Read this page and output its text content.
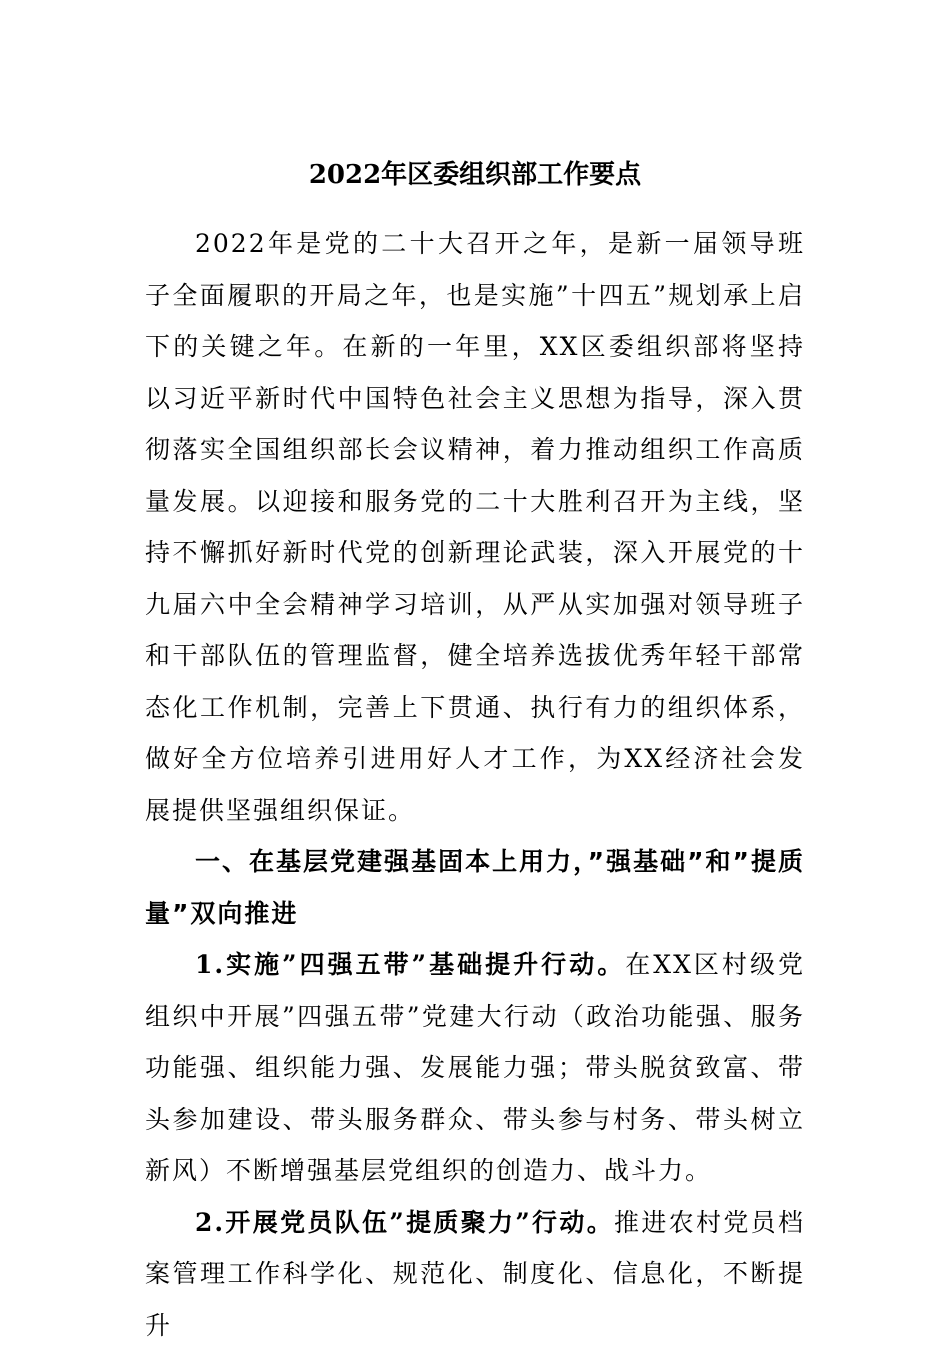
2022年区委组织部工作要点

2022年是党的二十大召开之年，是新一届领导班子全面履职的开局之年，也是实施”十四五”规划承上启下的关键之年。在新的一年里，XX区委组织部将坚持以习近平新时代中国特色社会主义思想为指导，深入贯彻落实全国组织部长会议精神，着力推动组织工作高质量发展。以迎接和服务党的二十大胜利召开为主线，坚持不懈抓好新时代党的创新理论武装，深入开展党的十九届六中全会精神学习培训，从严从实加强对领导班子和干部队伍的管理监督，健全培养选拔优秀年轻干部常态化工作机制，完善上下贯通、执行有力的组织体系，做好全方位培养引进用好人才工作，为XX经济社会发展提供坚强组织保证。

一、在基层党建强基固本上用力，”强基础”和”提质量”双向推进

1.实施”四强五带”基础提升行动。在XX区村级党组织中开展”四强五带”党建大行动（政治功能强、服务功能强、组织能力强、发展能力强；带头脱贫致富、带头参加建设、带头服务群众、带头参与村务、带头树立新风）不断增强基层党组织的创造力、战斗力。

2.开展党员队伍”提质聚力”行动。推进农村党员档案管理工作科学化、规范化、制度化、信息化，不断提升
